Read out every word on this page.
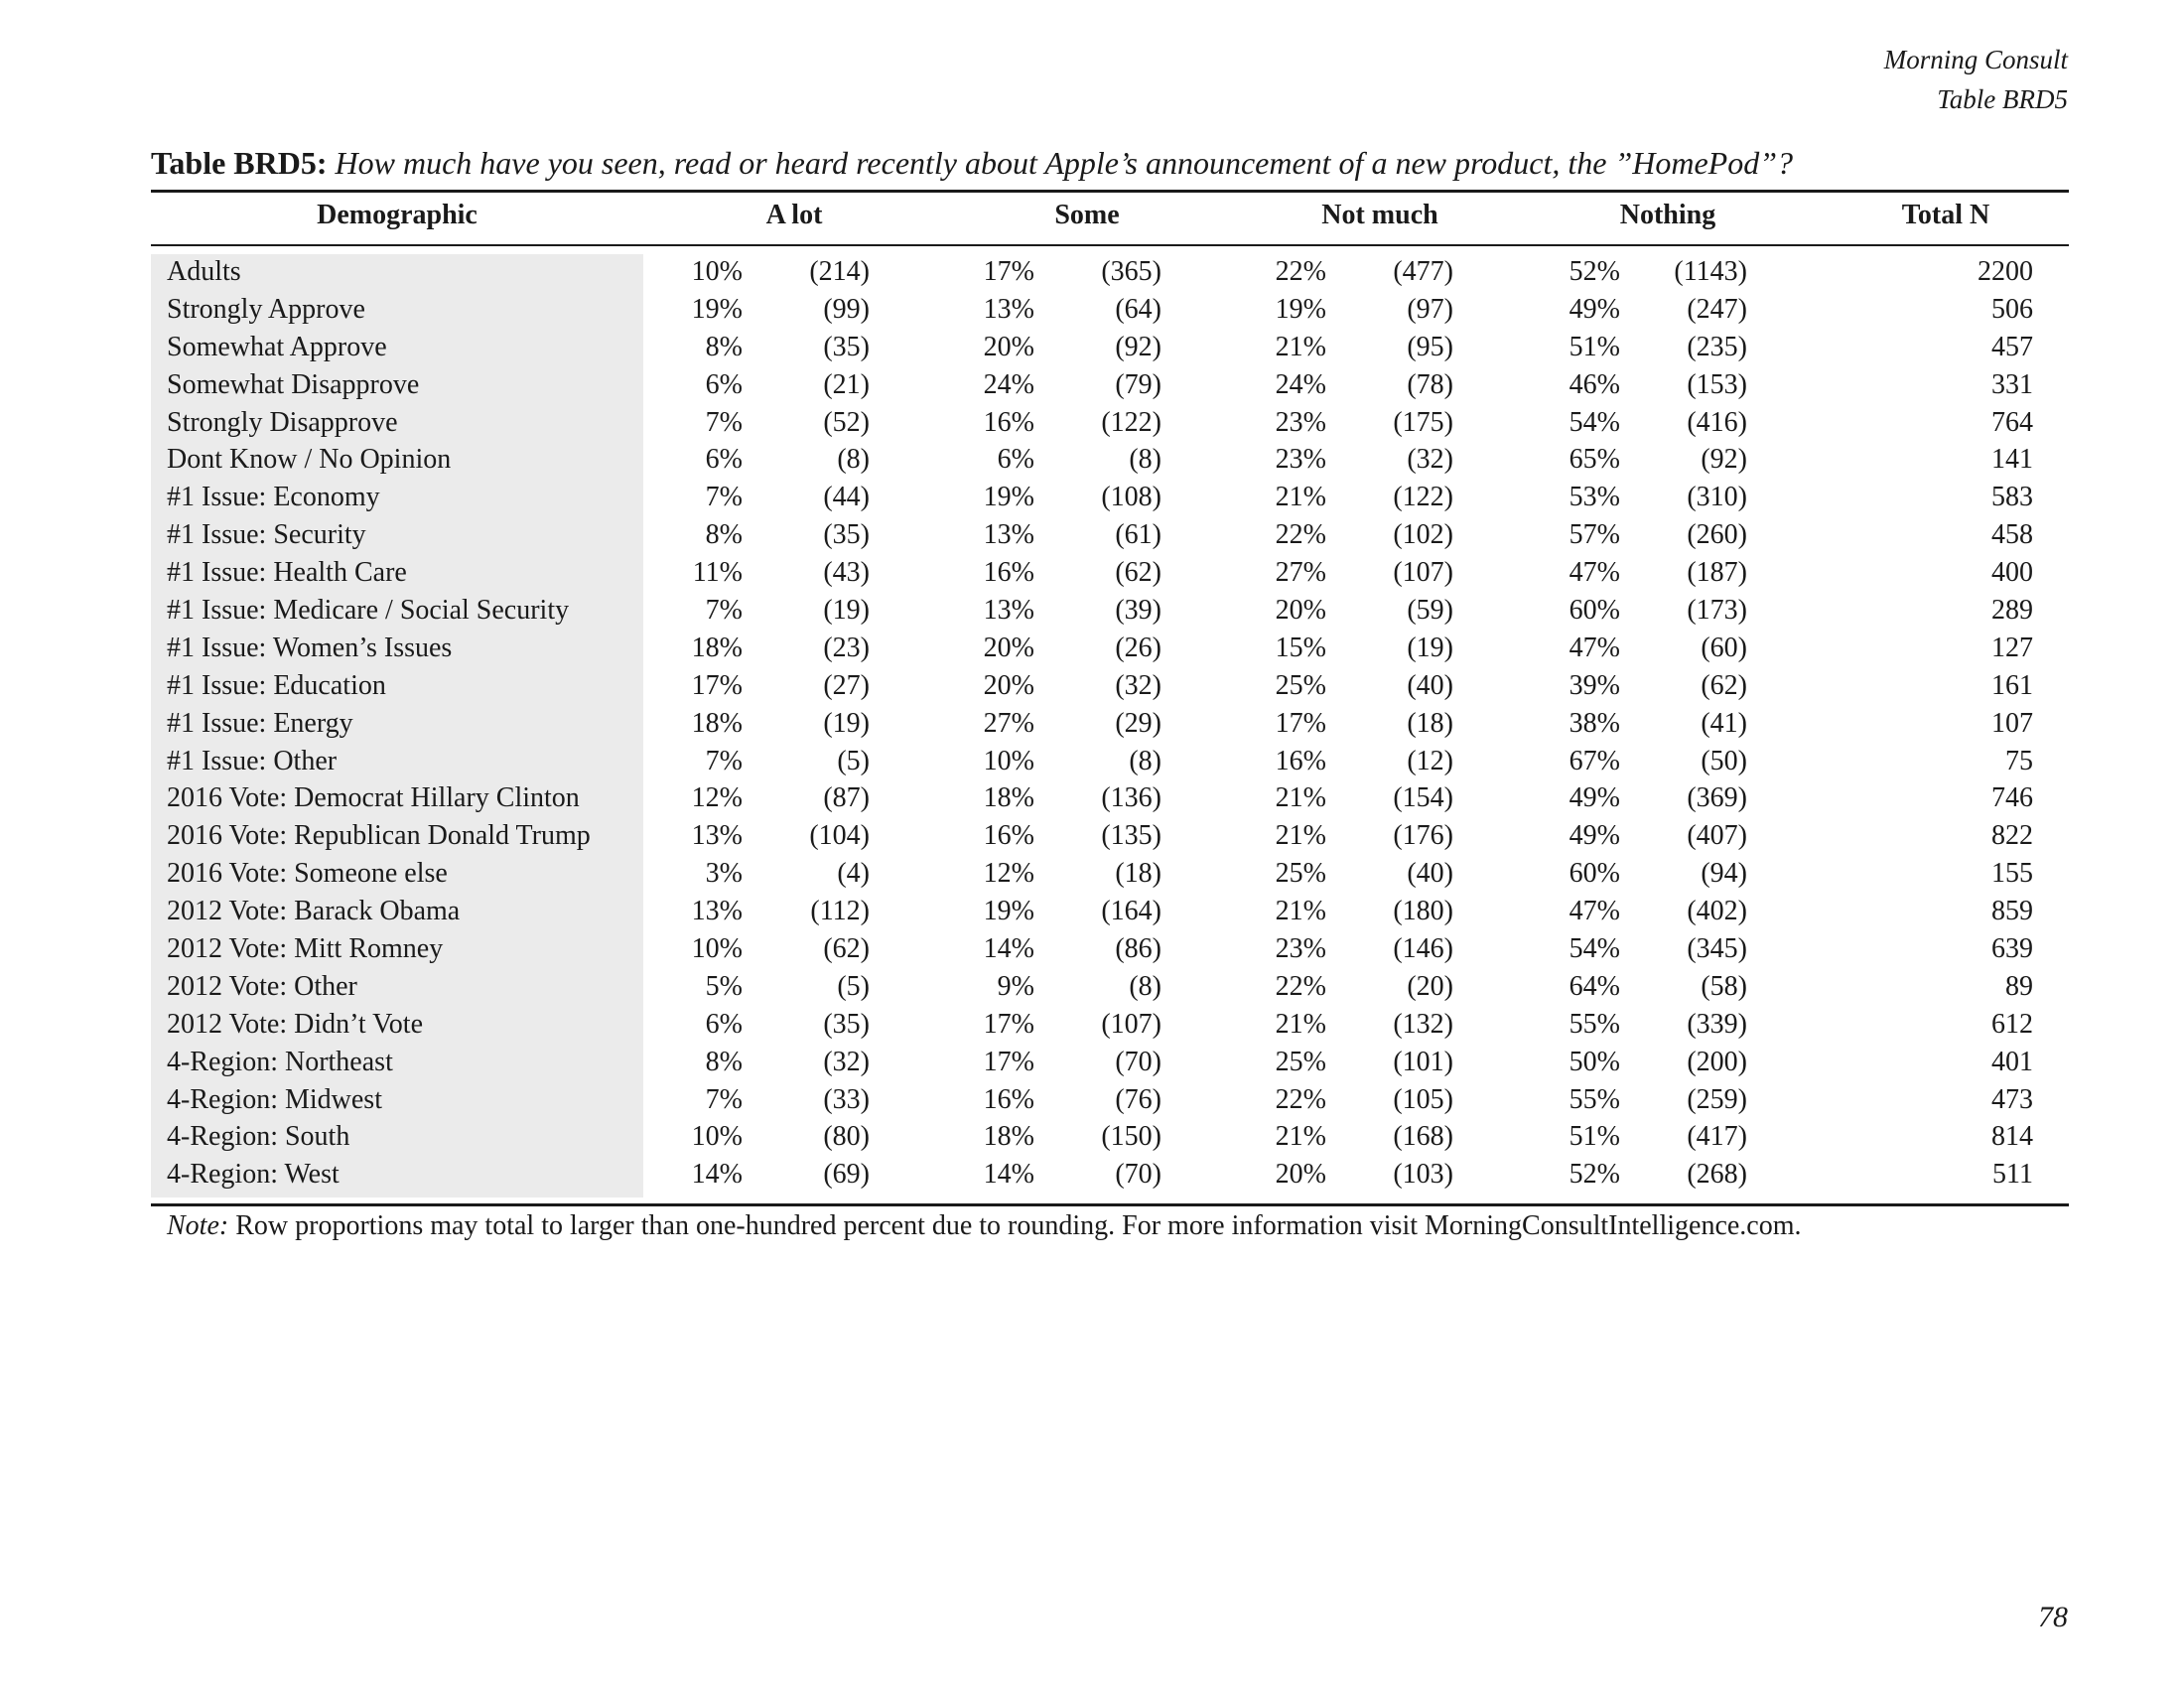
Morning Consult
Table BRD5
Table BRD5: How much have you seen, read or heard recently about Apple’s announcement of a new product, the ”HomePod”?
Demographic	A lot	Some	Not much	Nothing	Total N
Adults	10% (214)	17% (365)	22% (477)	52% (1143)	2200
Strongly Approve	19%	(99)	13%	(64)	19%	(97)	49% (247)	506
Somewhat Approve	8%	(35)	20%	(92)	21%	(95)	51% (235)	457
Somewhat Disapprove	6%	(21)	24%	(79)	24%	(78)	46% (153)	331
Strongly Disapprove	7%	(52)	16% (122)	23% (175)	54% (416)	764
Dont Know / No Opinion	6%	(8)	6%	(8)	23%	(32)	65%	(92)	141
#1 Issue: Economy	7%	(44)	19% (108)	21% (122)	53% (310)	583
#1 Issue: Security	8%	(35)	13%	(61)	22% (102)	57% (260)	458
#1 Issue: Health Care	11%	(43)	16%	(62)	27% (107)	47% (187)	400
#1 Issue: Medicare / Social Security	7%	(19)	13%	(39)	20%	(59)	60% (173)	289
#1 Issue: Women’s Issues	18%	(23)	20%	(26)	15%	(19)	47%	(60)	127
#1 Issue: Education	17%	(27)	20%	(32)	25%	(40)	39%	(62)	161
#1 Issue: Energy	18%	(19)	27%	(29)	17%	(18)	38%	(41)	107
#1 Issue: Other	7%	(5)	10%	(8)	16%	(12)	67%	(50)	75
2016 Vote: Democrat Hillary Clinton	12%	(87)	18% (136)	21% (154)	49% (369)	746
2016 Vote: Republican Donald Trump	13% (104)	16% (135)	21% (176)	49% (407)	822
2016 Vote: Someone else	3%	(4)	12%	(18)	25%	(40)	60%	(94)	155
2012 Vote: Barack Obama	13% (112)	19% (164)	21% (180)	47% (402)	859
2012 Vote: Mitt Romney	10%	(62)	14%	(86)	23% (146)	54% (345)	639
2012 Vote: Other	5%	(5)	9%	(8)	22%	(20)	64%	(58)	89
2012 Vote: Didn’t Vote	6%	(35)	17% (107)	21% (132)	55% (339)	612
4-Region: Northeast	8%	(32)	17%	(70)	25% (101)	50% (200)	401
4-Region: Midwest	7%	(33)	16%	(76)	22% (105)	55% (259)	473
4-Region: South	10%	(80)	18% (150)	21% (168)	51% (417)	814
4-Region: West	14%	(69)	14%	(70)	20% (103)	52% (268)	511
Note: Row proportions may total to larger than one-hundred percent due to rounding. For more information visit MorningConsultIntelligence.com.
78
